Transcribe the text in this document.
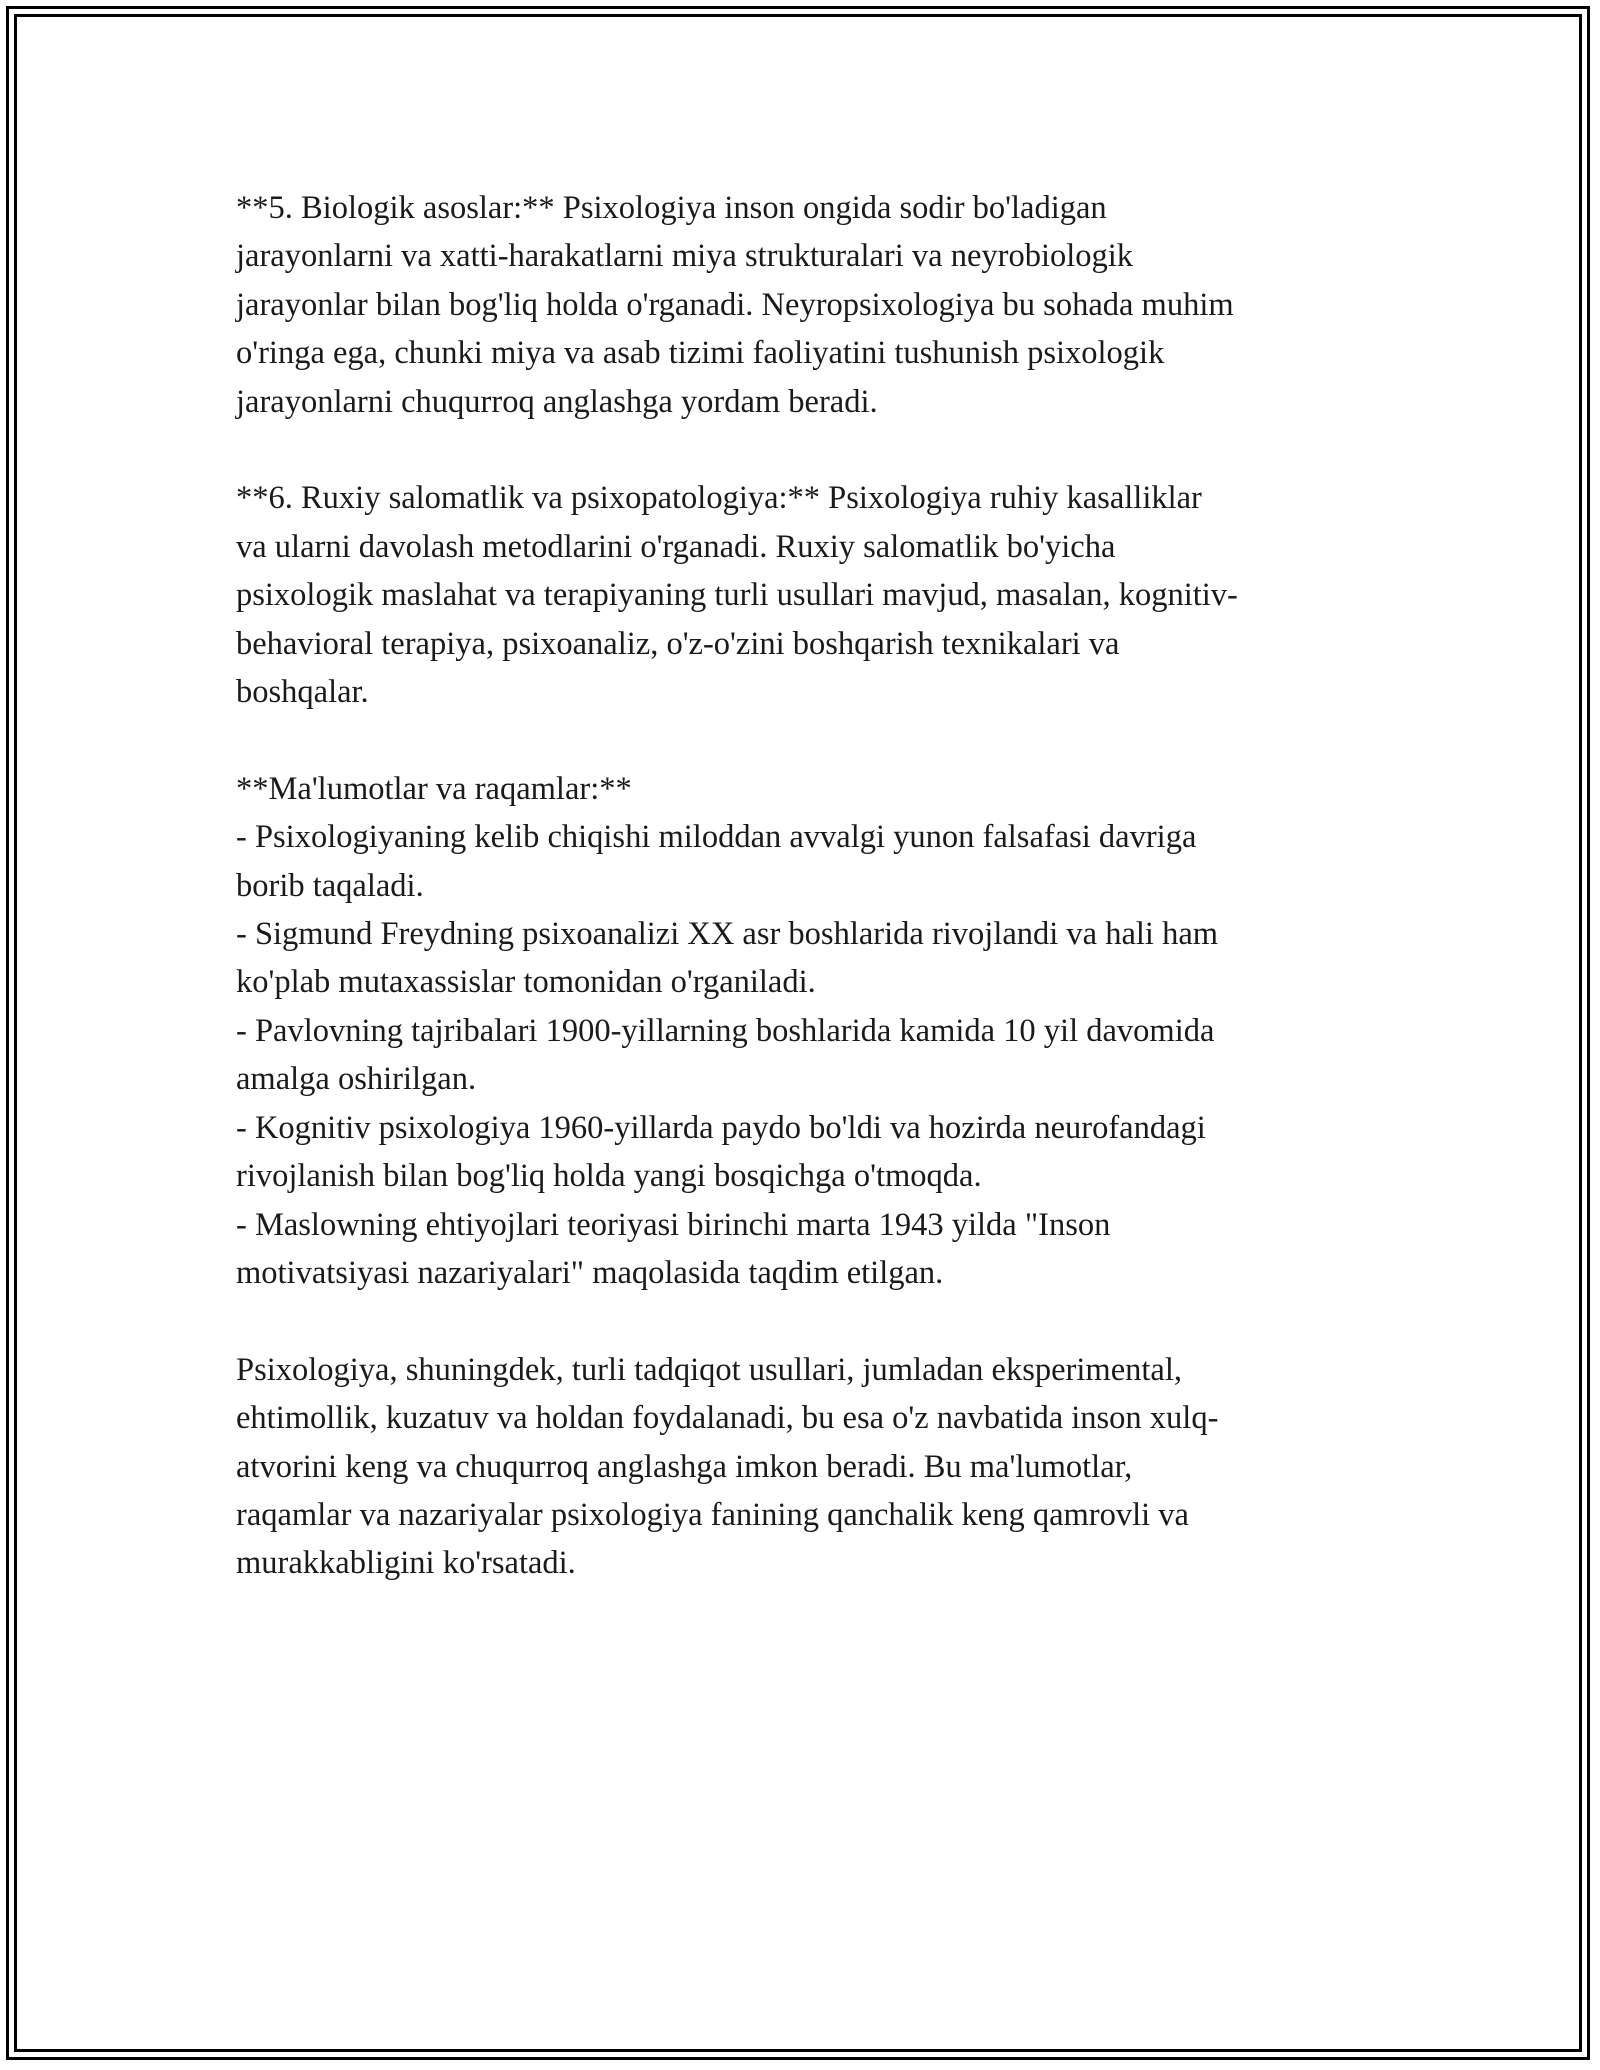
**5. Biologik asoslar:** Psixologiya inson ongida sodir bo'ladigan
jarayonlarni va xatti-harakatlarni miya strukturalari va neyrobiologik
jarayonlar bilan bog'liq holda o'rganadi. Neyropsixologiya bu sohada muhim
o'ringa ega, chunki miya va asab tizimi faoliyatini tushunish psixologik
jarayonlarni chuqurroq anglashga yordam beradi.

**6. Ruxiy salomatlik va psixopatologiya:** Psixologiya ruhiy kasalliklar
va ularni davolash metodlarini o'rganadi. Ruxiy salomatlik bo'yicha
psixologik maslahat va terapiyaning turli usullari mavjud, masalan, kognitiv-
behavioral terapiya, psixoanaliz, o'z-o'zini boshqarish texnikalari va
boshqalar.

**Ma'lumotlar va raqamlar:**
- Psixologiyaning kelib chiqishi miloddan avvalgi yunon falsafasi davriga
borib taqaladi.
- Sigmund Freydning psixoanalizi XX asr boshlarida rivojlandi va hali ham
ko'plab mutaxassislar tomonidan o'rganiladi.
- Pavlovning tajribalari 1900-yillarning boshlarida kamida 10 yil davomida
amalga oshirilgan.
- Kognitiv psixologiya 1960-yillarda paydo bo'ldi va hozirda neurofandagi
rivojlanish bilan bog'liq holda yangi bosqichga o'tmoqda.
- Maslowning ehtiyojlari teoriyasi birinchi marta 1943 yilda "Inson
motivatsiyasi nazariyalari" maqolasida taqdim etilgan.

Psixologiya, shuningdek, turli tadqiqot usullari, jumladan eksperimental,
ehtimollik, kuzatuv va holdan foydalanadi, bu esa o'z navbatida inson xulq-
atvorini keng va chuqurroq anglashga imkon beradi. Bu ma'lumotlar,
raqamlar va nazariyalar psixologiya fanining qanchalik keng qamrovli va
murakkabligini ko'rsatadi.
